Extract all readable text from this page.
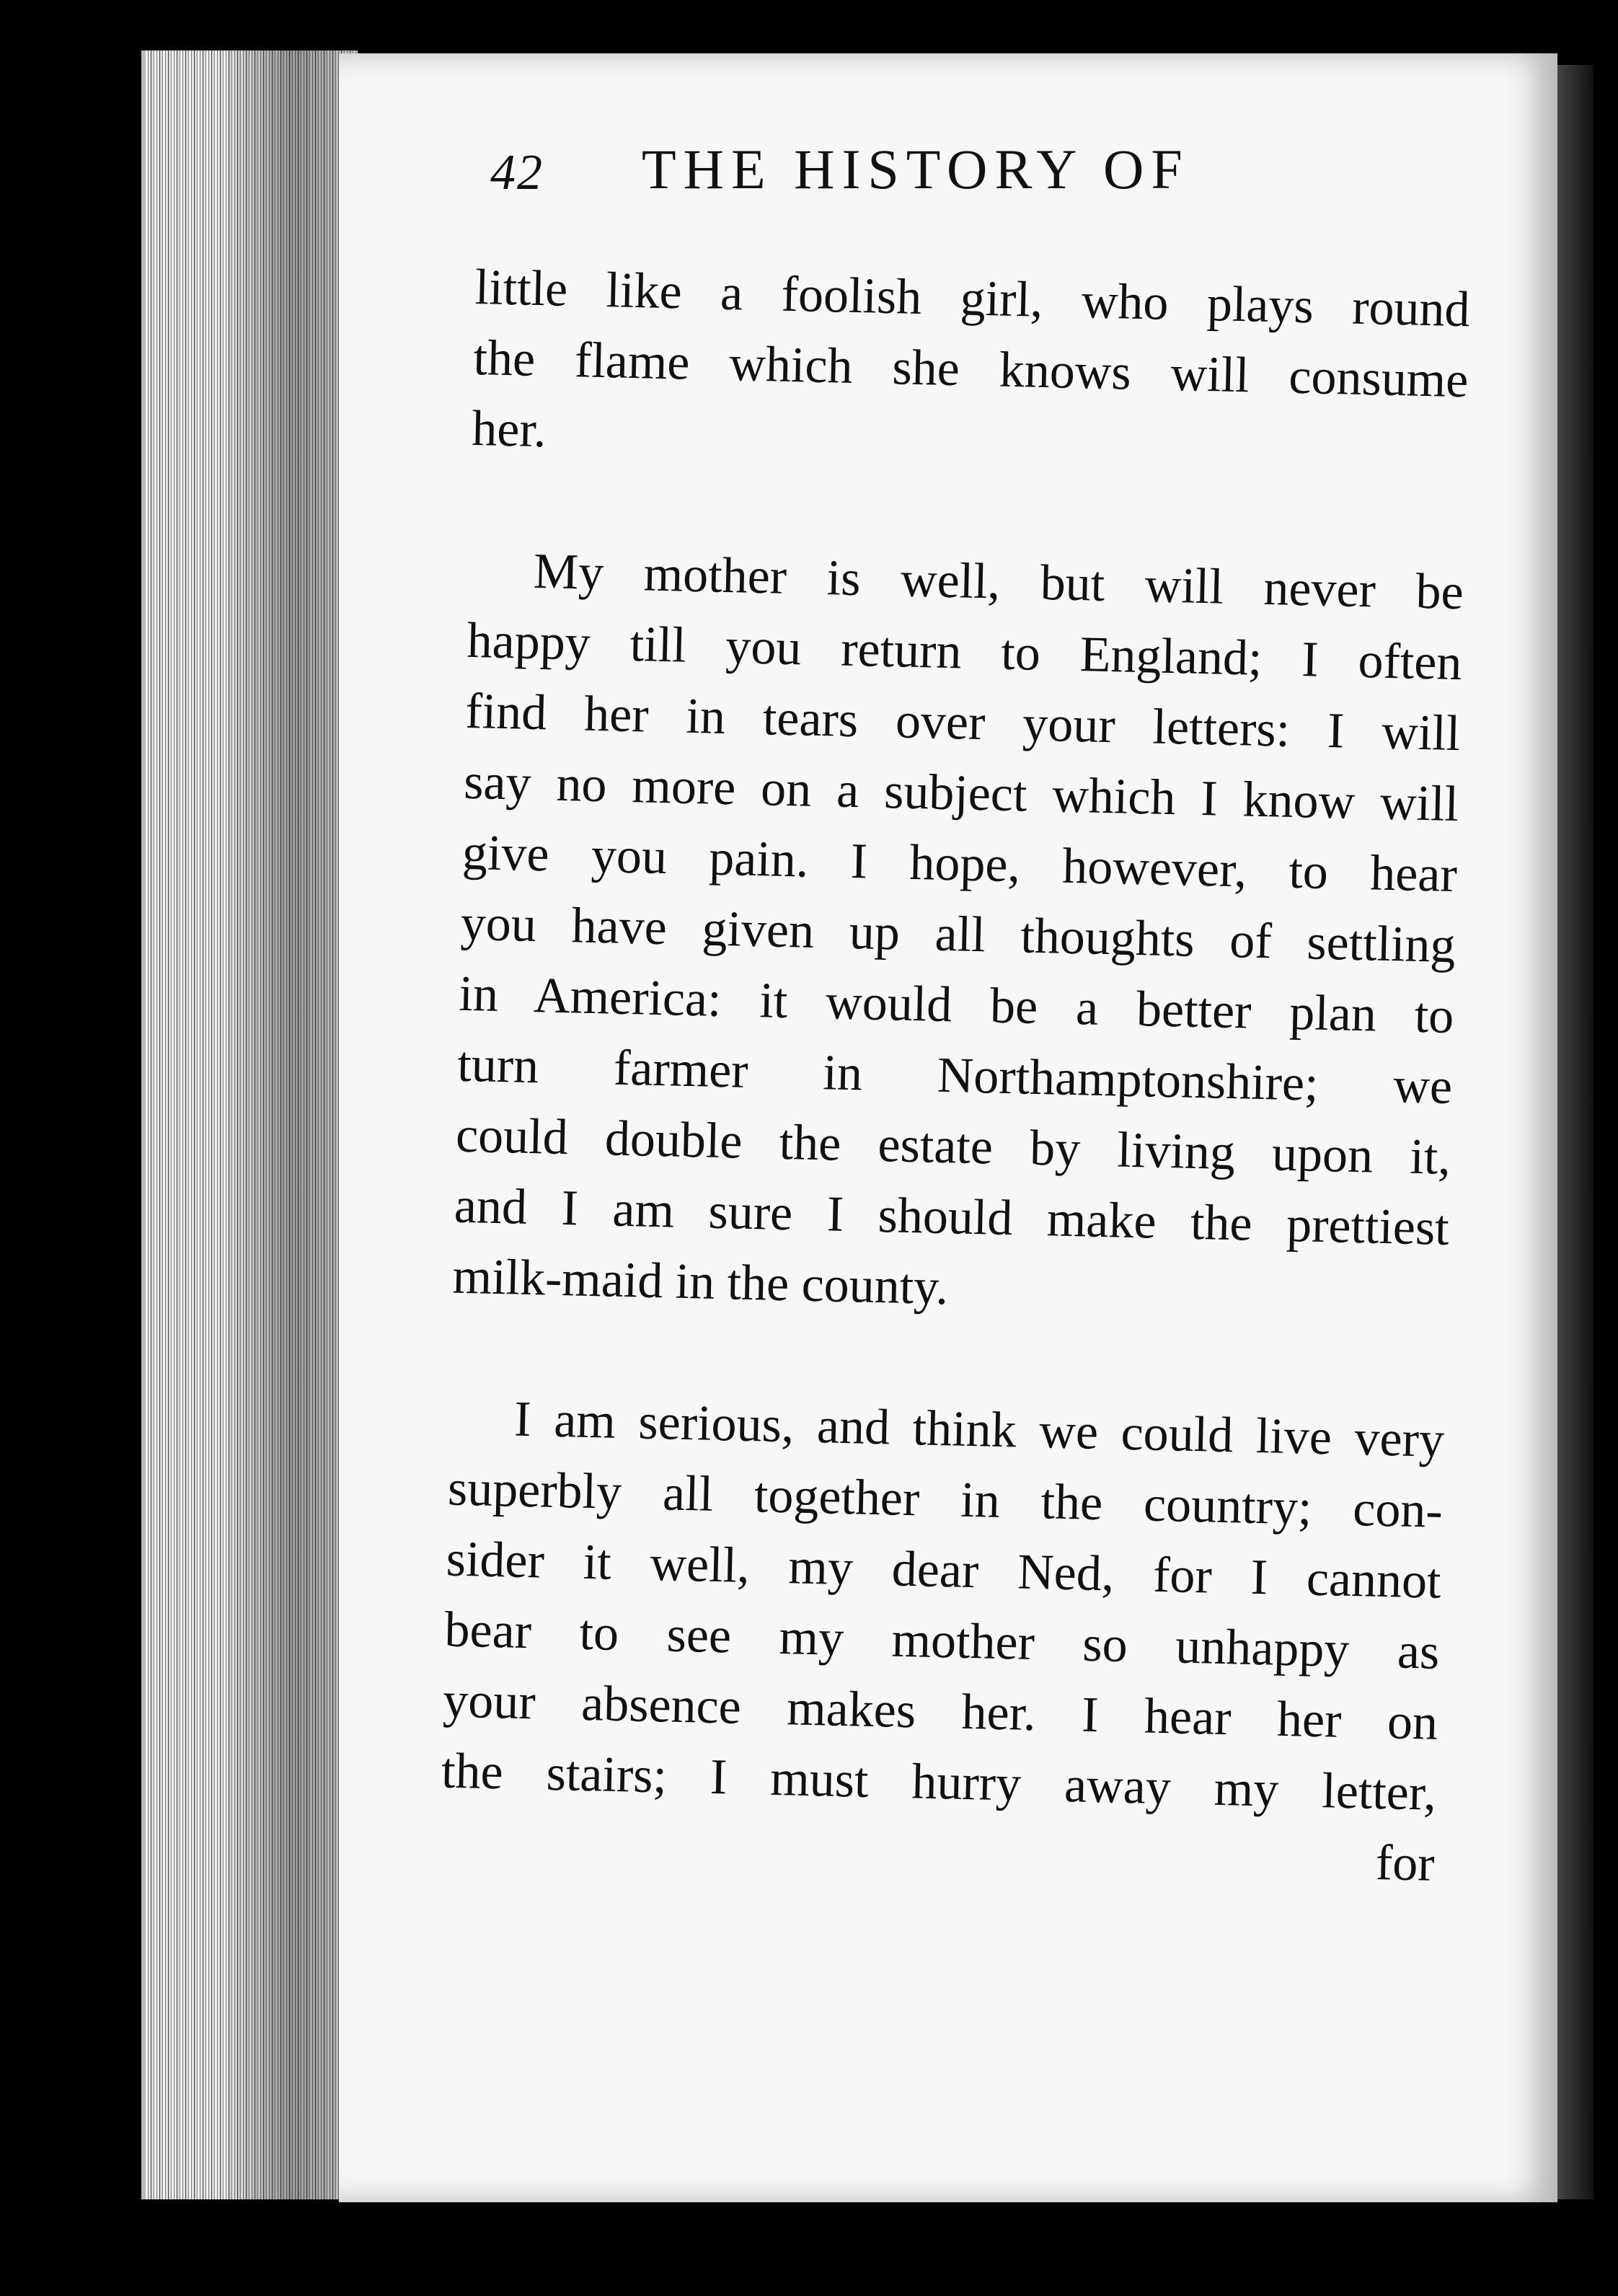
42 THE HISTORY OF
little like a foolish girl, who plays round
the flame which she knows will consume
her.
My mother is well, but will never be
happy till you return to England; I often
find her in tears over your letters: I will
say no more on a subject which I know will
give you pain. I hope, however, to hear
you have given up all thoughts of settling
in America: it would be a better plan to
turn farmer in Northamptonshire; we
could double the estate by living upon it,
and I am sure I should make the prettiest
milk-maid in the county.
I am serious, and think we could live very
superbly all together in the country; con-
sider it well, my dear Ned, for I cannot
bear to see my mother so unhappy as
your absence makes her. I hear her on
the stairs; I must hurry away my letter,
for
